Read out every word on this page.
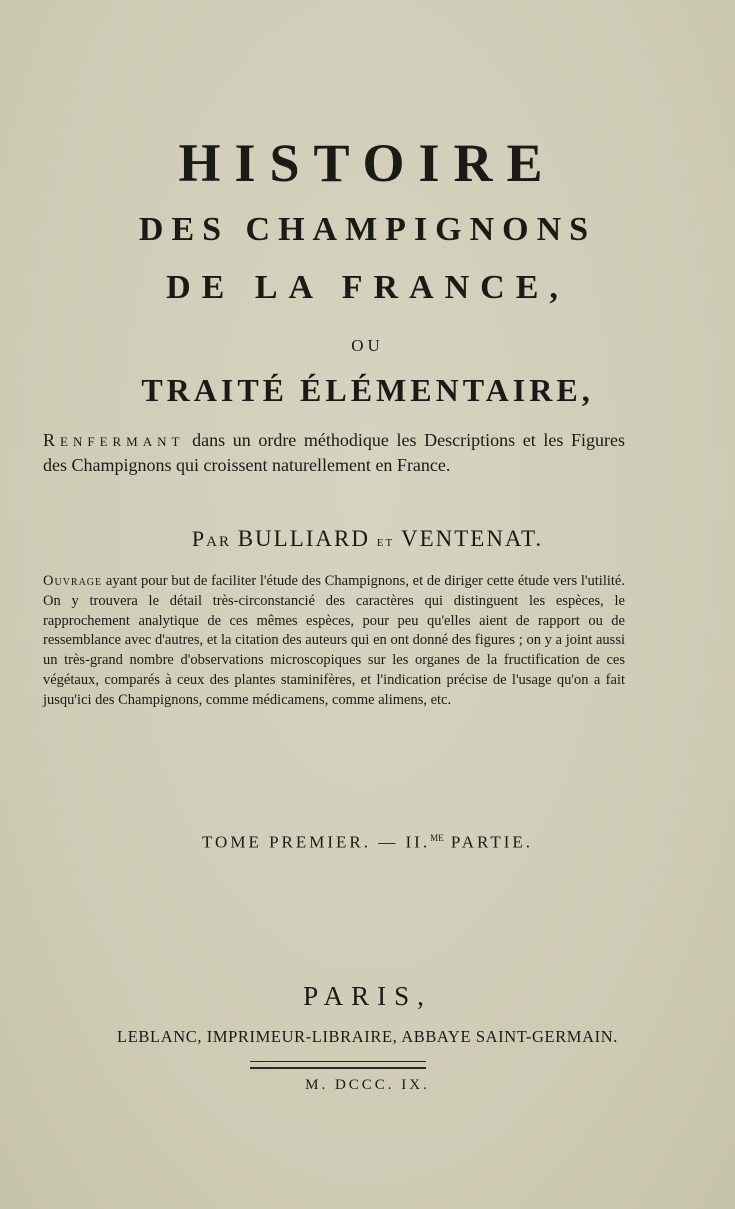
HISTOIRE
DES CHAMPIGNONS
DE LA FRANCE,
OU
TRAITÉ ÉLÉMENTAIRE,
Renfermant dans un ordre méthodique les Descriptions et les Figures des Champignons qui croissent naturellement en France.
Par BULLIARD et VENTENAT.
Ouvrage ayant pour but de faciliter l'étude des Champignons, et de diriger cette étude vers l'utilité. On y trouvera le détail très-circonstancié des caractères qui distinguent les espèces, le rapprochement analytique de ces mêmes espèces, pour peu qu'elles aient de rapport ou de ressemblance avec d'autres, et la citation des auteurs qui en ont donné des figures ; on y a joint aussi un très-grand nombre d'observations microscopiques sur les organes de la fructification de ces végétaux, comparés à ceux des plantes staminifères, et l'indication précise de l'usage qu'on a fait jusqu'ici des Champignons, comme médicamens, comme alimens, etc.
TOME PREMIER. — II.$^{ME}$ PARTIE.
PARIS,
LEBLANC, IMPRIMEUR-LIBRAIRE, ABBAYE SAINT-GERMAIN.
M. DCCC. IX.
